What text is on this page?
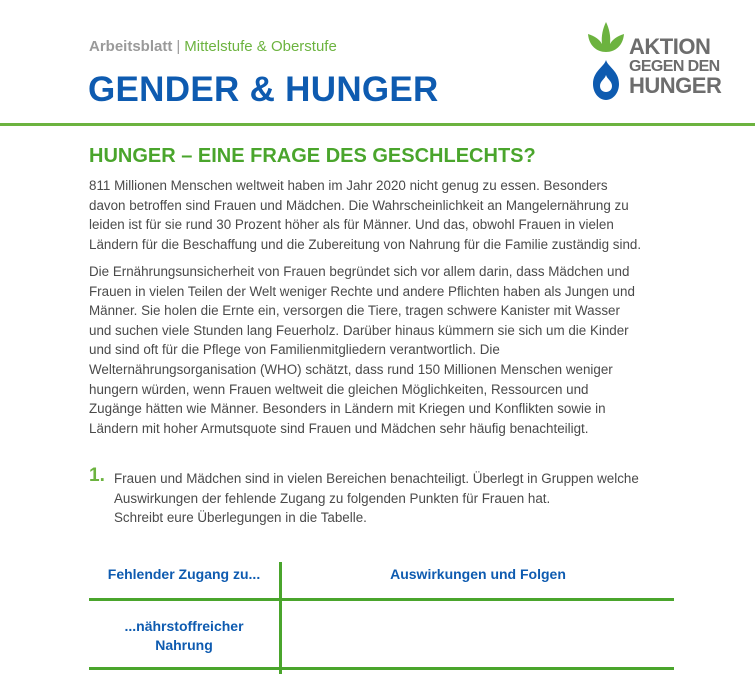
Arbeitsblatt | Mittelstufe & Oberstufe
GENDER & HUNGER
AKTION
GEGEN DEN
HUNGER
HUNGER – EINE FRAGE DES GESCHLECHTS?
811 Millionen Menschen weltweit haben im Jahr 2020 nicht genug zu essen. Besonders
davon betroffen sind Frauen und Mädchen. Die Wahrscheinlichkeit an Mangelernährung zu
leiden ist für sie rund 30 Prozent höher als für Männer. Und das, obwohl Frauen in vielen
Ländern für die Beschaffung und die Zubereitung von Nahrung für die Familie zuständig sind.
Die Ernährungsunsicherheit von Frauen begründet sich vor allem darin, dass Mädchen und
Frauen in vielen Teilen der Welt weniger Rechte und andere Pflichten haben als Jungen und
Männer. Sie holen die Ernte ein, versorgen die Tiere, tragen schwere Kanister mit Wasser
und suchen viele Stunden lang Feuerholz. Darüber hinaus kümmern sie sich um die Kinder
und sind oft für die Pflege von Familienmitgliedern verantwortlich. Die
Welternährungsorganisation (WHO) schätzt, dass rund 150 Millionen Menschen weniger
hungern würden, wenn Frauen weltweit die gleichen Möglichkeiten, Ressourcen und
Zugänge hätten wie Männer. Besonders in Ländern mit Kriegen und Konflikten sowie in
Ländern mit hoher Armutsquote sind Frauen und Mädchen sehr häufig benachteiligt.
1. Frauen und Mädchen sind in vielen Bereichen benachteiligt. Überlegt in Gruppen welche
Auswirkungen der fehlende Zugang zu folgenden Punkten für Frauen hat.
Schreibt eure Überlegungen in die Tabelle.
Fehlender Zugang zu...	Auswirkungen und Folgen
...nährstoffreicher
Nahrung
